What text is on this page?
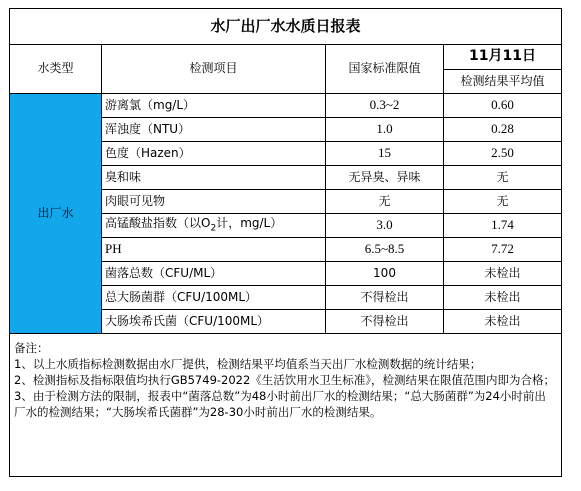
水厂出厂水水质日报表			
水类型	检测项目	国家标准限值	11月11日
			检测结果平均值
出厂水	游离氯（mg/L）	0.3~2	0.60
	浑浊度（NTU）	1.0	0.28
	色度（Hazen）	15	2.50
	臭和味	无异臭、异味	无
	肉眼可见物	无	无
	高锰酸盐指数（以$O_2$计，mg/L）	3.0	1.74
	PH	6.5~8.5	7.72
	菌落总数（CFU/ML）	100	未检出
	总大肠菌群（CFU/100ML）	不得检出	未检出
	大肠埃希氏菌（CFU/100ML）	不得检出	未检出

备注：
1、以上水质指标检测数据由水厂提供，检测结果平均值系当天出厂水检测数据的统计结果；
2、检测指标及指标限值均执行GB5749-2022《生活饮用水卫生标准》，检测结果在限值范围内即为合格；
3、由于检测方法的限制，报表中“菌落总数”为48小时前出厂水的检测结果；“总大肠菌群”为24小时前出厂水的检测结果；“大肠埃希氏菌群”为28-30小时前出厂水的检测结果。			
